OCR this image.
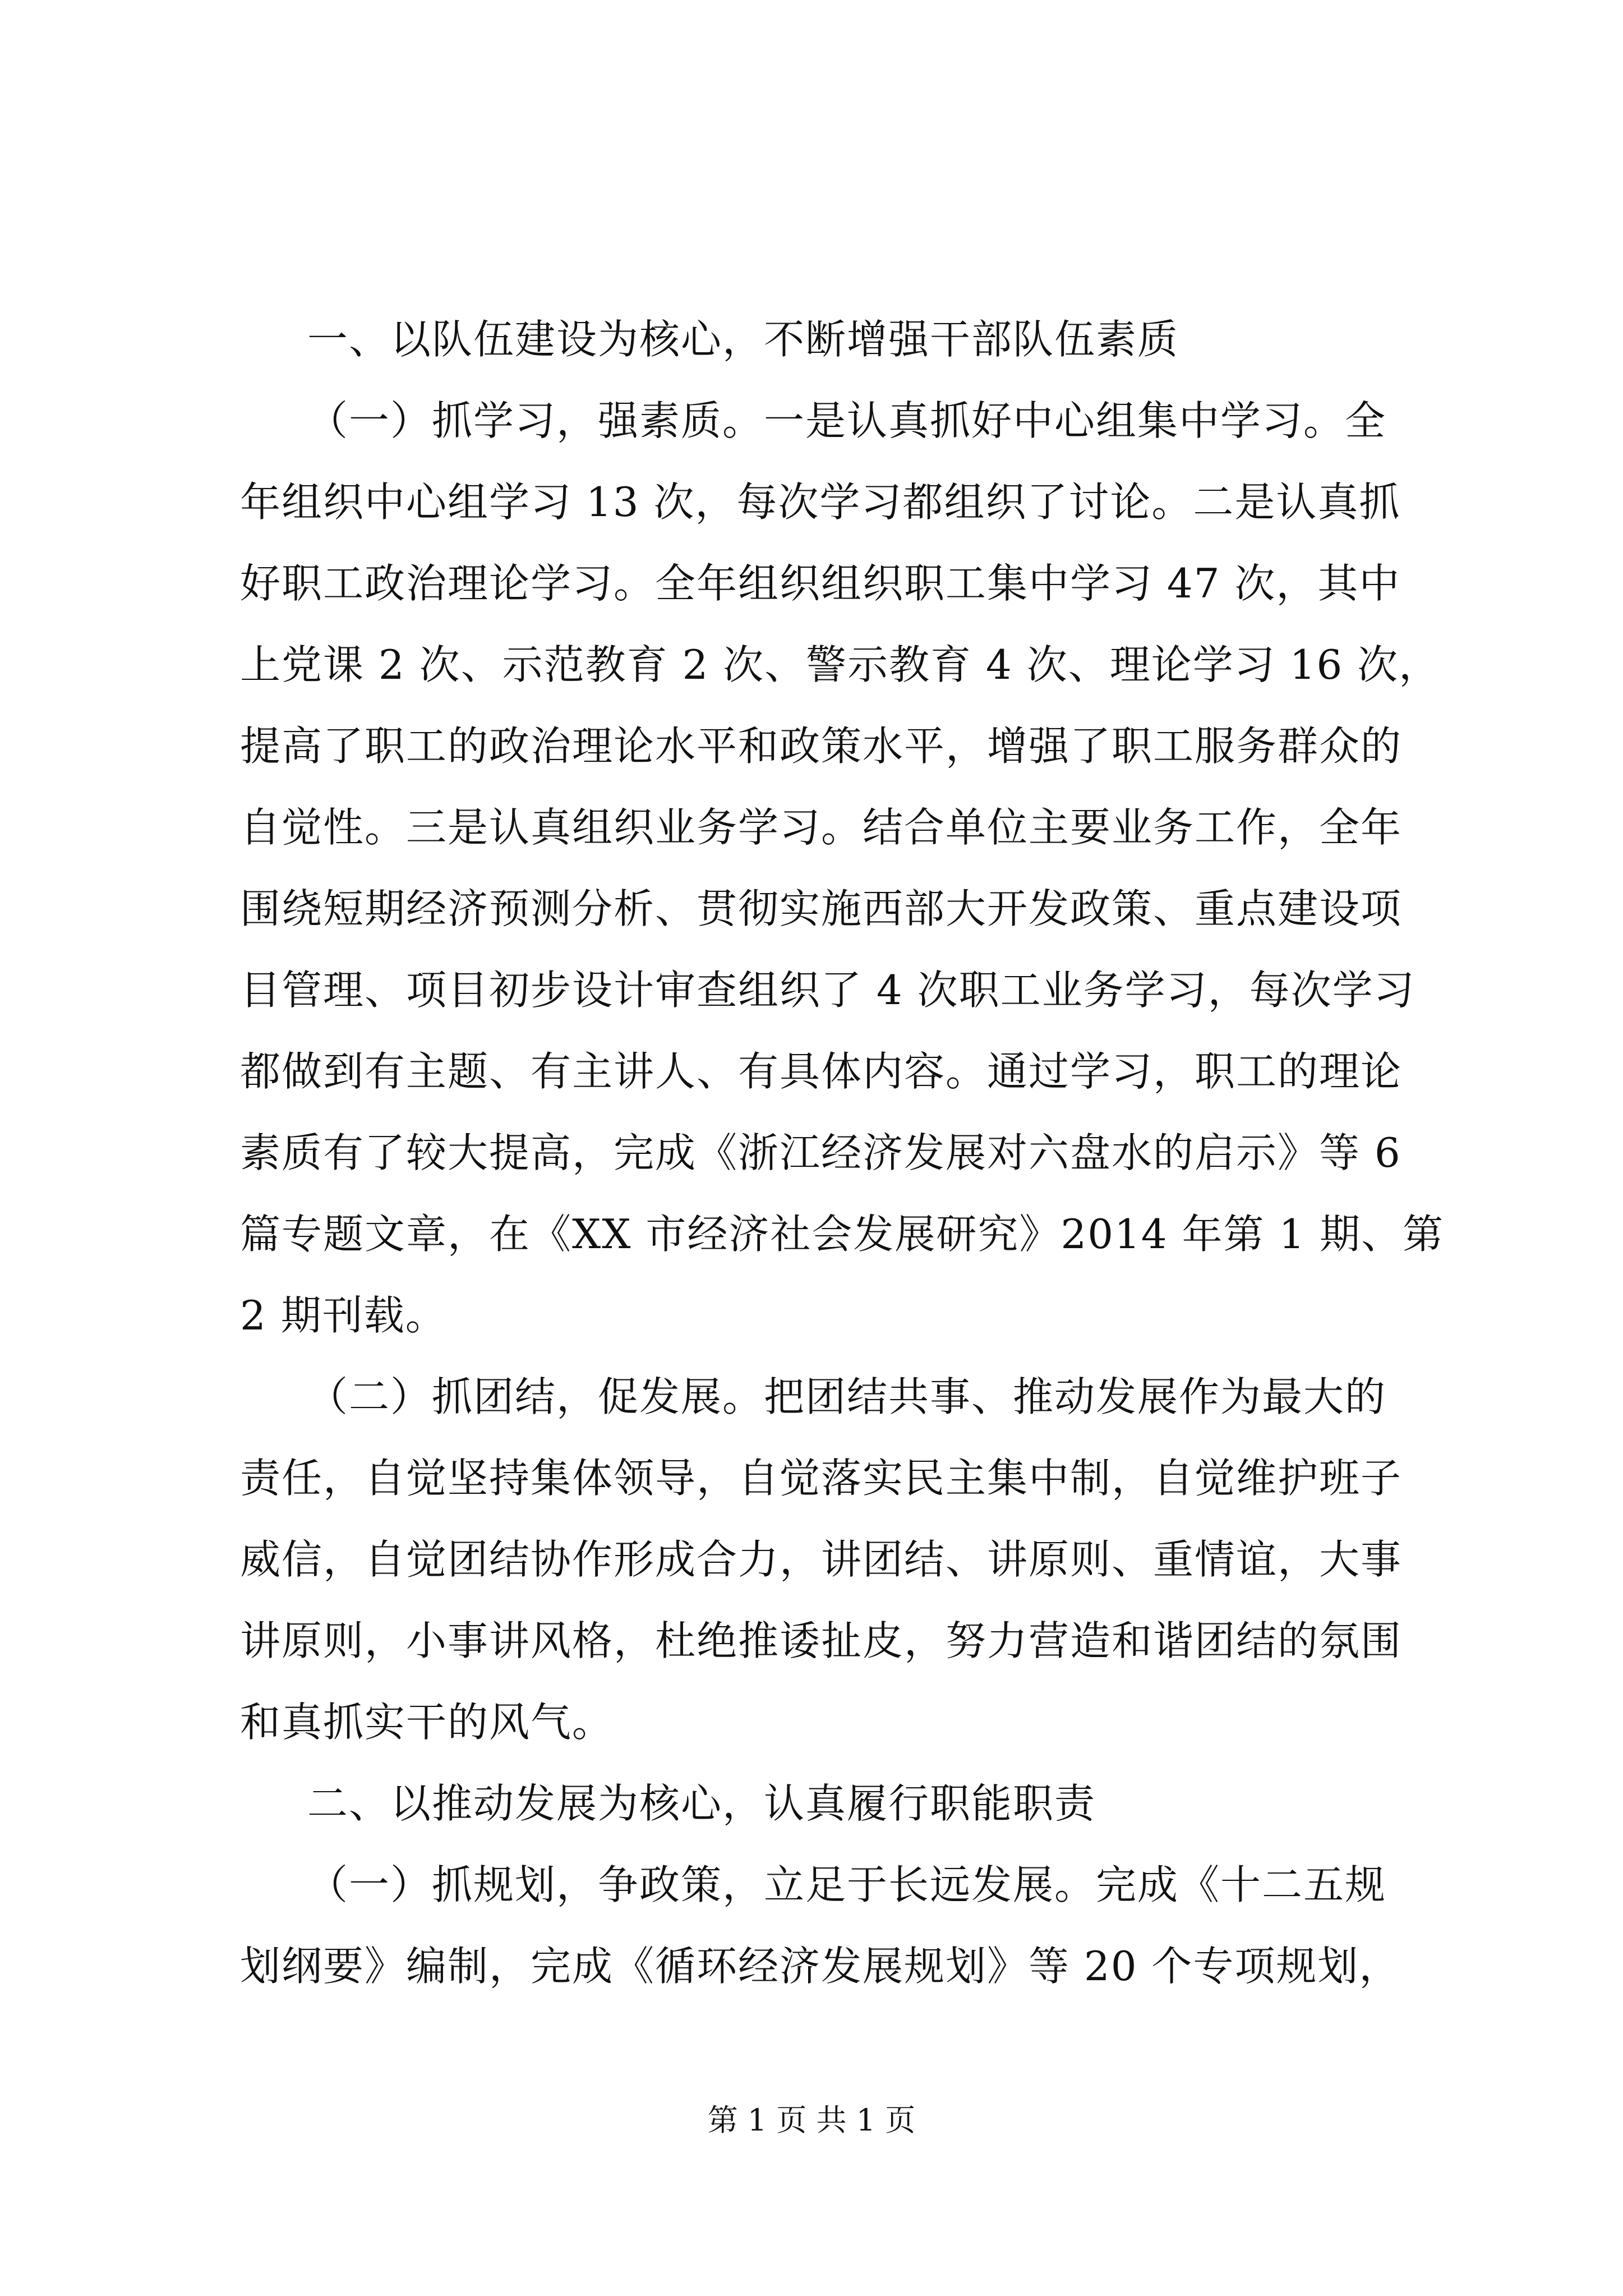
一、以队伍建设为核心，不断增强干部队伍素质
（一）抓学习，强素质。一是认真抓好中心组集中学习。全
年组织中心组学习 13 次，每次学习都组织了讨论。二是认真抓
好职工政治理论学习。全年组织组织职工集中学习 47 次，其中
上党课 2 次、示范教育 2 次、警示教育 4 次、理论学习 16 次，
提高了职工的政治理论水平和政策水平，增强了职工服务群众的
自觉性。三是认真组织业务学习。结合单位主要业务工作，全年
围绕短期经济预测分析、贯彻实施西部大开发政策、重点建设项
目管理、项目初步设计审查组织了 4 次职工业务学习，每次学习
都做到有主题、有主讲人、有具体内容。通过学习，职工的理论
素质有了较大提高，完成《浙江经济发展对六盘水的启示》等 6
篇专题文章，在《XX 市经济社会发展研究》2014 年第 1 期、第
2 期刊载。
（二）抓团结，促发展。把团结共事、推动发展作为最大的
责任，自觉坚持集体领导，自觉落实民主集中制，自觉维护班子
威信，自觉团结协作形成合力，讲团结、讲原则、重情谊，大事
讲原则，小事讲风格，杜绝推诿扯皮，努力营造和谐团结的氛围
和真抓实干的风气。
二、以推动发展为核心，认真履行职能职责
（一）抓规划，争政策，立足于长远发展。完成《十二五规
划纲要》编制，完成《循环经济发展规划》等 20 个专项规划，
第 1 页 共 1 页
